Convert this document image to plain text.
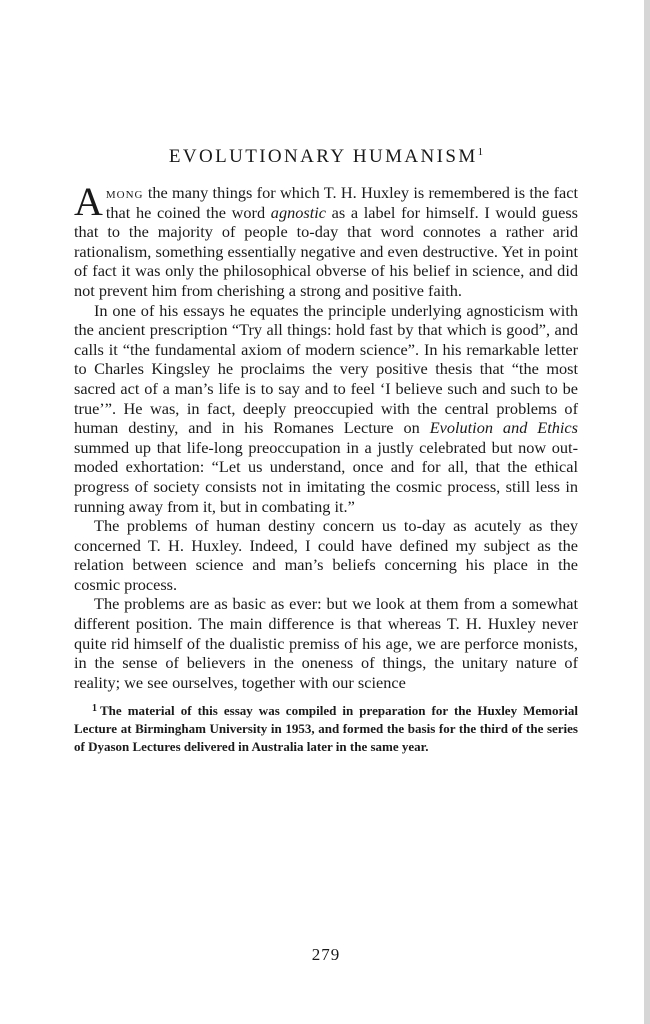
EVOLUTIONARY HUMANISM$^1$

Among the many things for which T. H. Huxley is remembered is the fact that he coined the word agnostic as a label for himself. I would guess that to the majority of people to-day that word connotes a rather arid rationalism, something essentially negative and even destructive. Yet in point of fact it was only the philosophical obverse of his belief in science, and did not prevent him from cherishing a strong and positive faith.

In one of his essays he equates the principle underlying agnosticism with the ancient prescription “Try all things: hold fast by that which is good”, and calls it “the fundamental axiom of modern science”. In his remarkable letter to Charles Kingsley he proclaims the very positive thesis that “the most sacred act of a man’s life is to say and to feel ‘I believe such and such to be true’”. He was, in fact, deeply preoccupied with the central problems of human destiny, and in his Romanes Lecture on Evolution and Ethics summed up that life-long preoccupation in a justly celebrated but now out-moded exhortation: “Let us understand, once and for all, that the ethical progress of society consists not in imitating the cosmic process, still less in running away from it, but in combating it.”

The problems of human destiny concern us to-day as acutely as they concerned T. H. Huxley. Indeed, I could have defined my subject as the relation between science and man’s beliefs concerning his place in the cosmic process.

The problems are as basic as ever: but we look at them from a somewhat different position. The main difference is that whereas T. H. Huxley never quite rid himself of the dualistic premiss of his age, we are perforce monists, in the sense of believers in the oneness of things, the unitary nature of reality; we see ourselves, together with our science

$^1$ The material of this essay was compiled in preparation for the Huxley Memorial Lecture at Birmingham University in 1953, and formed the basis for the third of the series of Dyason Lectures delivered in Australia later in the same year.

279
